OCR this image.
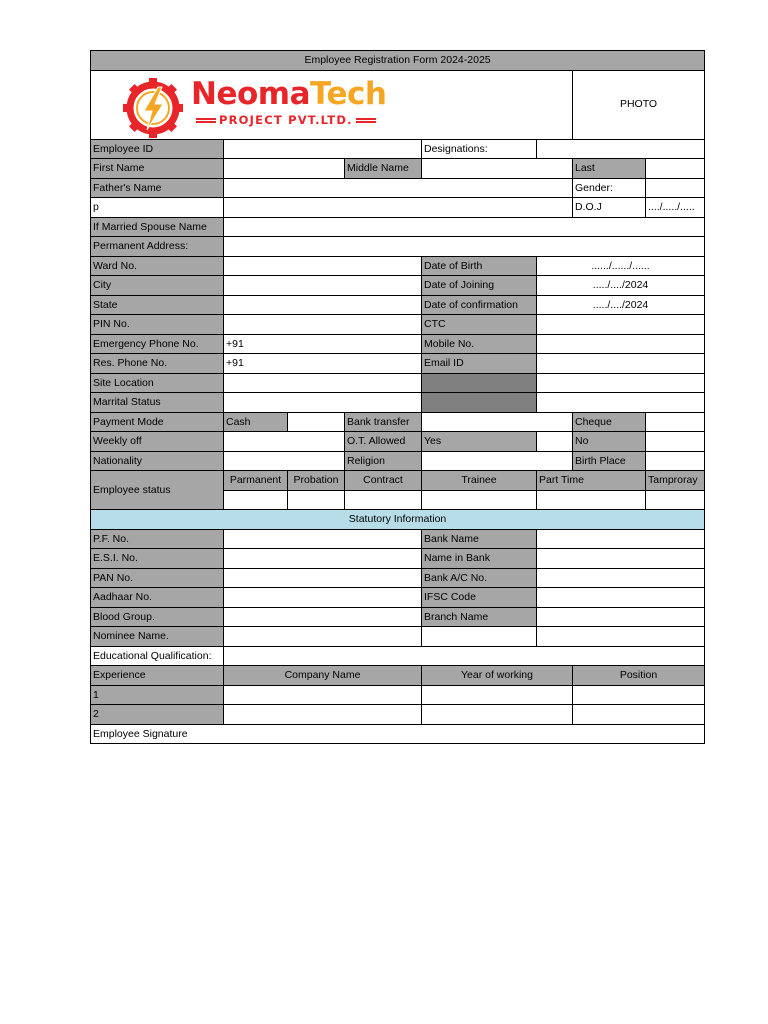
Employee Registration Form 2024-2025							

NeomaTech
PROJECT PVT.LTD.						PHOTO	
Employee ID				Designations:			
First Name			Middle Name			Last	
Father's Name						Gender:	
p						D.O.J	..../...../.....
If Married Spouse Name							
Permanent Address:							
Ward No.				Date of Birth	....../....../......		
City				Date of Joining	...../..../2024		
State				Date of confirmation	...../..../2024		
PIN No.				CTC			
Emergency Phone No.	+91			Mobile No.			
Res. Phone No.	+91			Email ID			
Site Location							
Marrital Status							
Payment Mode	Cash		Bank transfer			Cheque	
Weekly off			O.T. Allowed	Yes		No	
Nationality			Religion			Birth Place	
Employee status	Parmanent	Probation	Contract	Trainee	Part Time		Tamproray

Statutory Information							
P.F. No.				Bank Name			
E.S.I. No.				Name in Bank			
PAN No.				Bank A/C No.			
Aadhaar No.				IFSC Code			
Blood Group.				Branch Name			
Nominee Name.							
Educational Qualification:							
Experience	Company Name			Year of working		Position	
1							
2							
Employee Signature							
